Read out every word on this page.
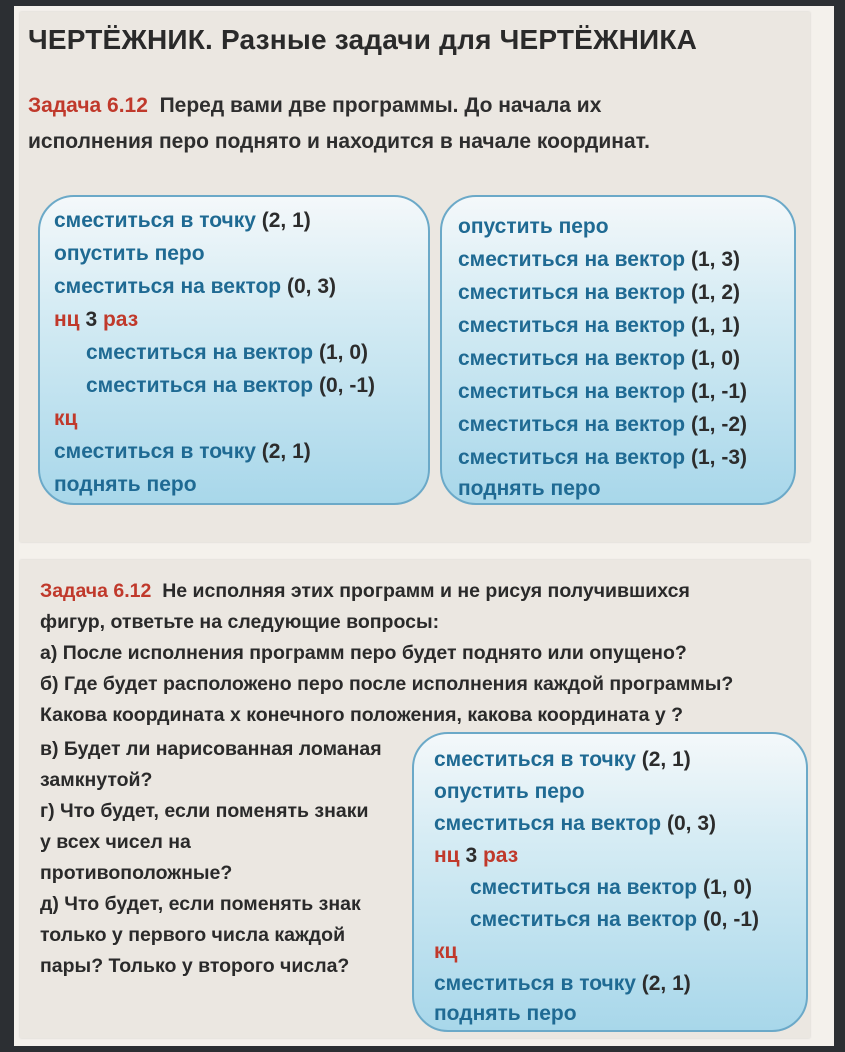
ЧЕРТЁЖНИК. Разные задачи для ЧЕРТЁЖНИКА
Задача 6.12 Перед вами две программы. До начала их
исполнения перо поднято и находится в начале координат.
сместиться в точку (2, 1)
опустить перо
сместиться на вектор (0, 3)
нц 3 раз
сместиться на вектор (1, 0)
сместиться на вектор (0, -1)
кц
сместиться в точку (2, 1)
поднять перо
опустить перо
сместиться на вектор (1, 3)
сместиться на вектор (1, 2)
сместиться на вектор (1, 1)
сместиться на вектор (1, 0)
сместиться на вектор (1, -1)
сместиться на вектор (1, -2)
сместиться на вектор (1, -3)
поднять перо
Задача 6.12 Не исполняя этих программ и не рисуя получившихся
фигур, ответьте на следующие вопросы:
а) После исполнения программ перо будет поднято или опущено?
б) Где будет расположено перо после исполнения каждой программы?
Какова координата х конечного положения, какова координата у ?
в) Будет ли нарисованная ломаная
замкнутой?
г) Что будет, если поменять знаки
у всех чисел на
противоположные?
д) Что будет, если поменять знак
только у первого числа каждой
пары? Только у второго числа?
сместиться в точку (2, 1)
опустить перо
сместиться на вектор (0, 3)
нц 3 раз
сместиться на вектор (1, 0)
сместиться на вектор (0, -1)
кц
сместиться в точку (2, 1)
поднять перо
